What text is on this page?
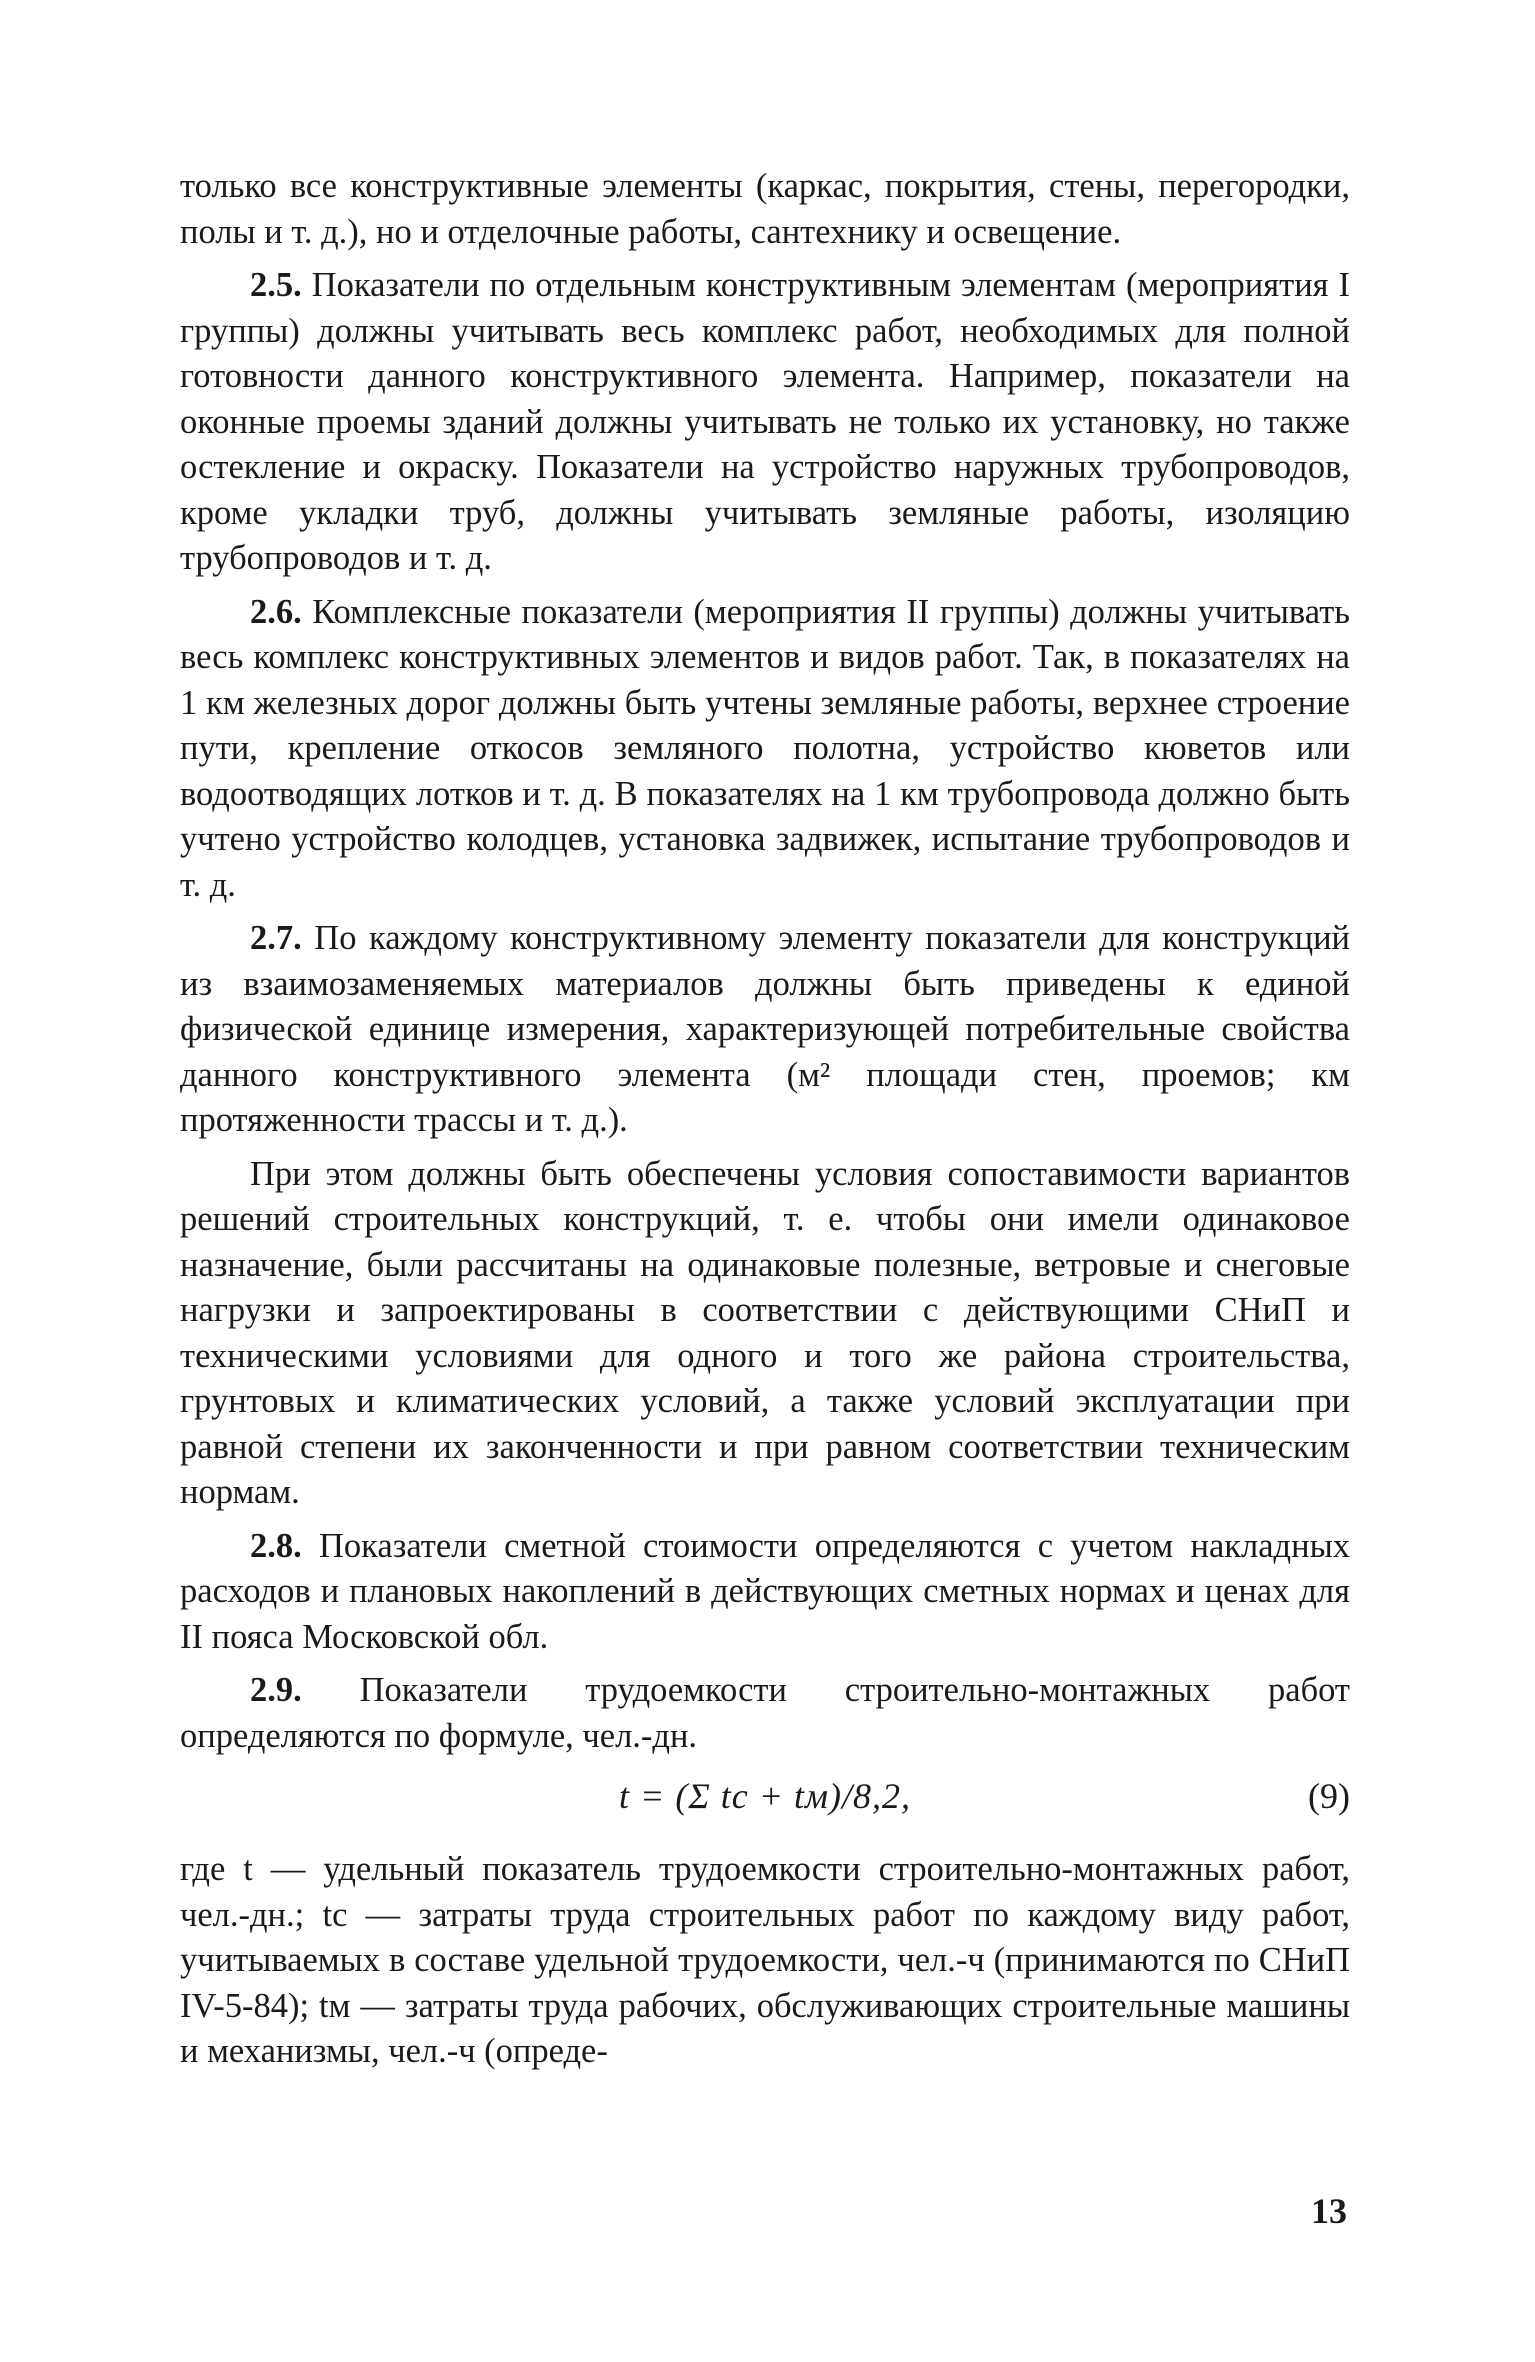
только все конструктивные элементы (каркас, покрытия, стены, перегородки, полы и т. д.), но и отделочные работы, сантехнику и освещение.

2.5. Показатели по отдельным конструктивным элементам (мероприятия I группы) должны учитывать весь комплекс работ, необходимых для полной готовности данного конструктивного элемента. Например, показатели на оконные проемы зданий должны учитывать не только их установку, но также остекление и окраску. Показатели на устройство наружных трубопроводов, кроме укладки труб, должны учитывать земляные работы, изоляцию трубопроводов и т. д.

2.6. Комплексные показатели (мероприятия II группы) должны учитывать весь комплекс конструктивных элементов и видов работ. Так, в показателях на 1 км железных дорог должны быть учтены земляные работы, верхнее строение пути, крепление откосов земляного полотна, устройство кюветов или водоотводящих лотков и т. д. В показателях на 1 км трубопровода должно быть учтено устройство колодцев, установка задвижек, испытание трубопроводов и т. д.

2.7. По каждому конструктивному элементу показатели для конструкций из взаимозаменяемых материалов должны быть приведены к единой физической единице измерения, характеризующей потребительные свойства данного конструктивного элемента (м² площади стен, проемов; км протяженности трассы и т. д.).

При этом должны быть обеспечены условия сопоставимости вариантов решений строительных конструкций, т. е. чтобы они имели одинаковое назначение, были рассчитаны на одинаковые полезные, ветровые и снеговые нагрузки и запроектированы в соответствии с действующими СНиП и техническими условиями для одного и того же района строительства, грунтовых и климатических условий, а также условий эксплуатации при равной степени их законченности и при равном соответствии техническим нормам.

2.8. Показатели сметной стоимости определяются с учетом накладных расходов и плановых накоплений в действующих сметных нормах и ценах для II пояса Московской обл.

2.9. Показатели трудоемкости строительно-монтажных работ определяются по формуле, чел.-дн.

t = (Σ tс + tм)/8,2,	(9)

где t — удельный показатель трудоемкости строительно-монтажных работ, чел.-дн.; tс — затраты труда строительных работ по каждому виду работ, учитываемых в составе удельной трудоемкости, чел.-ч (принимаются по СНиП IV-5-84); tм — затраты труда рабочих, обслуживающих строительные машины и механизмы, чел.-ч (опреде-

13
